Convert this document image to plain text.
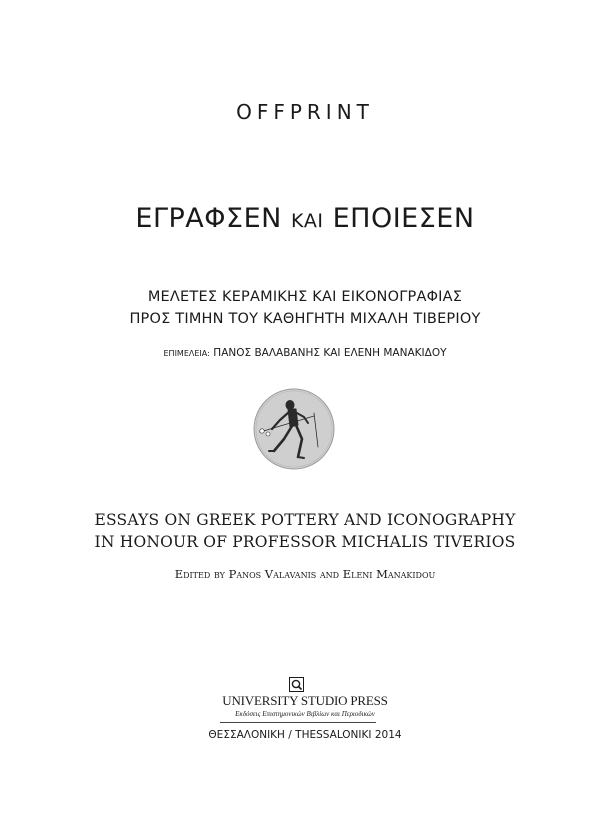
OFFPRINT
ΕΓΡΑΦΣΕΝ ΚΑΙ ΕΠΟΙΕΣΕΝ
ΜΕΛΕΤΕΣ ΚΕΡΑΜΙΚΗΣ ΚΑΙ ΕΙΚΟΝΟΓΡΑΦΙΑΣ
ΠΡΟΣ ΤΙΜΗΝ ΤΟΥ ΚΑΘΗΓΗΤΗ ΜΙΧΑΛΗ ΤΙΒΕΡΙΟΥ
ΕΠΙΜΕΛΕΙΑ: ΠΑΝΟΣ ΒΑΛΑΒΑΝΗΣ ΚΑΙ ΕΛΕΝΗ ΜΑΝΑΚΙΔΟΥ
ESSAYS ON GREEK POTTERY AND ICONOGRAPHY
IN HONOUR OF PROFESSOR MICHALIS TIVERIOS
Edited by Panos Valavanis and Eleni Manakidou
UNIVERSITY STUDIO PRESS
Εκδόσεις Επιστημονικών Βιβλίων και Περιοδικών
ΘΕΣΣΑΛΟΝΙΚΗ / THESSALONIKI 2014
